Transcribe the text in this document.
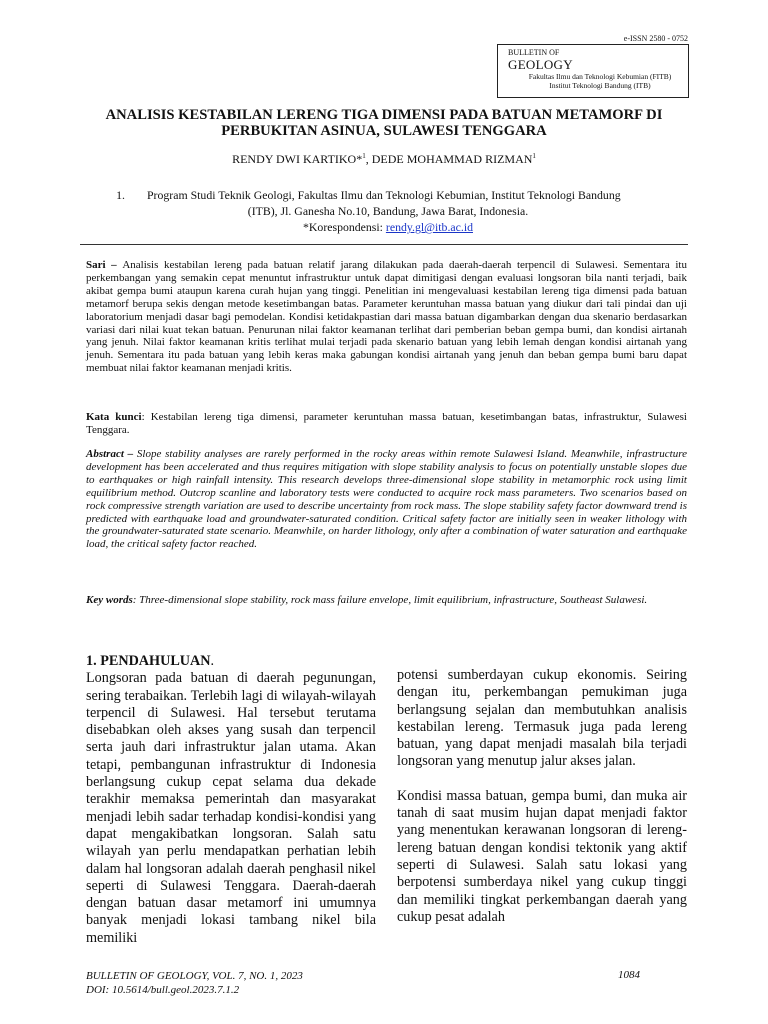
e-ISSN 2580 - 0752
BULLETIN OF
GEOLOGY
Fakultas Ilmu dan Teknologi Kebumian (FITB)
Institut Teknologi Bandung (ITB)
ANALISIS KESTABILAN LERENG TIGA DIMENSI PADA BATUAN METAMORF DI PERBUKITAN ASINUA, SULAWESI TENGGARA
RENDY DWI KARTIKO*$^1$, DEDE MOHAMMAD RIZMAN$^1$
1.	Program Studi Teknik Geologi, Fakultas Ilmu dan Teknologi Kebumian, Institut Teknologi Bandung
(ITB), Jl. Ganesha No.10, Bandung, Jawa Barat, Indonesia.
*Korespondensi: rendy.gl@itb.ac.id
Sari – Analisis kestabilan lereng pada batuan relatif jarang dilakukan pada daerah-daerah terpencil di Sulawesi. Sementara itu perkembangan yang semakin cepat menuntut infrastruktur untuk dapat dimitigasi dengan evaluasi longsoran bila nanti terjadi, baik akibat gempa bumi ataupun karena curah hujan yang tinggi. Penelitian ini mengevaluasi kestabilan lereng tiga dimensi pada batuan metamorf berupa sekis dengan metode kesetimbangan batas. Parameter keruntuhan massa batuan yang diukur dari tali pindai dan uji laboratorium menjadi dasar bagi pemodelan. Kondisi ketidakpastian dari massa batuan digambarkan dengan dua skenario berdasarkan variasi dari nilai kuat tekan batuan. Penurunan nilai faktor keamanan terlihat dari pemberian beban gempa bumi, dan kondisi airtanah yang jenuh. Nilai faktor keamanan kritis terlihat mulai terjadi pada skenario batuan yang lebih lemah dengan kondisi airtanah yang jenuh. Sementara itu pada batuan yang lebih keras maka gabungan kondisi airtanah yang jenuh dan beban gempa bumi baru dapat membuat nilai faktor keamanan menjadi kritis.
Kata kunci: Kestabilan lereng tiga dimensi, parameter keruntuhan massa batuan, kesetimbangan batas, infrastruktur, Sulawesi Tenggara.
Abstract – Slope stability analyses are rarely performed in the rocky areas within remote Sulawesi Island. Meanwhile, infrastructure development has been accelerated and thus requires mitigation with slope stability analysis to focus on potentially unstable slopes due to earthquakes or high rainfall intensity. This research develops three-dimensional slope stability in metamorphic rock using limit equilibrium method. Outcrop scanline and laboratory tests were conducted to acquire rock mass parameters. Two scenarios based on rock compressive strength variation are used to describe uncertainty from rock mass. The slope stability safety factor downward trend is predicted with earthquake load and groundwater-saturated condition. Critical safety factor are initially seen in weaker lithology with the groundwater-saturated state scenario. Meanwhile, on harder lithology, only after a combination of water saturation and earthquake load, the critical safety factor reached.
Key words: Three-dimensional slope stability, rock mass failure envelope, limit equilibrium, infrastructure, Southeast Sulawesi.
1. PENDAHULUAN.
Longsoran pada batuan di daerah pegunungan, sering terabaikan. Terlebih lagi di wilayah-wilayah terpencil di Sulawesi. Hal tersebut terutama disebabkan oleh akses yang susah dan terpencil serta jauh dari infrastruktur jalan utama. Akan tetapi, pembangunan infrastruktur di Indonesia berlangsung cukup cepat selama dua dekade terakhir memaksa pemerintah dan masyarakat menjadi lebih sadar terhadap kondisi-kondisi yang dapat mengakibatkan longsoran. Salah satu wilayah yan perlu mendapatkan perhatian lebih dalam hal longsoran adalah daerah penghasil nikel seperti di Sulawesi Tenggara. Daerah-daerah dengan batuan dasar metamorf ini umumnya banyak menjadi lokasi tambang nikel bila memiliki
potensi sumberdayan cukup ekonomis. Seiring dengan itu, perkembangan pemukiman juga berlangsung sejalan dan membutuhkan analisis kestabilan lereng. Termasuk juga pada lereng batuan, yang dapat menjadi masalah bila terjadi longsoran yang menutup jalur akses jalan.
Kondisi massa batuan, gempa bumi, dan muka air tanah di saat musim hujan dapat menjadi faktor yang menentukan kerawanan longsoran di lereng-lereng batuan dengan kondisi tektonik yang aktif seperti di Sulawesi. Salah satu lokasi yang berpotensi sumberdaya nikel yang cukup tinggi dan memiliki tingkat perkembangan daerah yang cukup pesat adalah
BULLETIN OF GEOLOGY, VOL. 7, NO. 1, 2023
DOI: 10.5614/bull.geol.2023.7.1.2
1084
